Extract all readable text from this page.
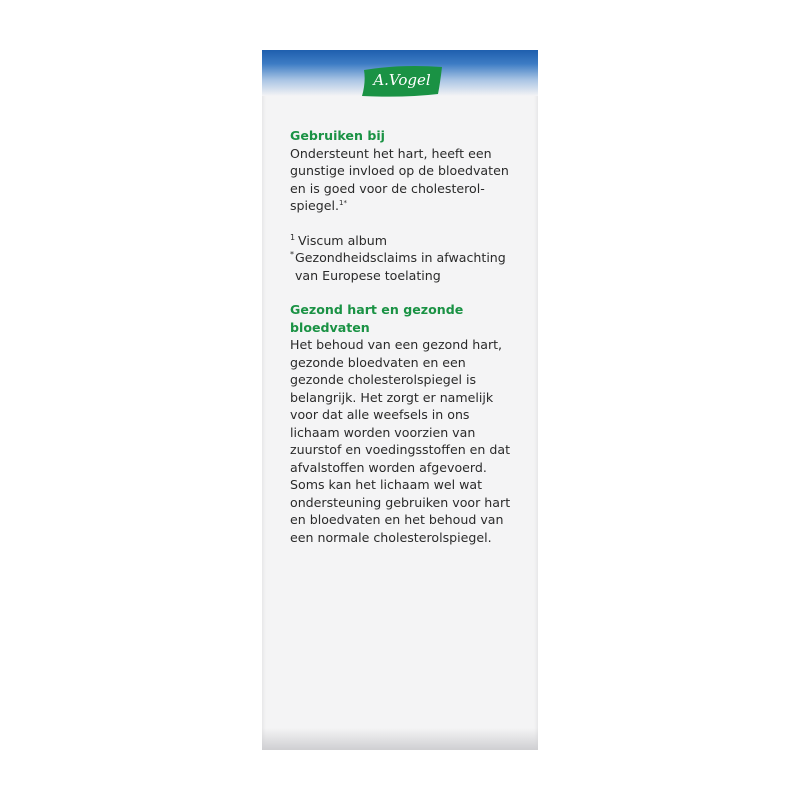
A.Vogel
Gebruiken bij

Ondersteunt het hart, heeft een gunstige invloed op de bloedvaten en is goed voor de cholesterol-spiegel.$^{1*}$

1 Viscum album
* Gezondheidsclaims in afwachting van Europese toelating
Gezond hart en gezonde bloedvaten

Het behoud van een gezond hart, gezonde bloedvaten en een gezonde cholesterolspiegel is belangrijk. Het zorgt er namelijk voor dat alle weefsels in ons lichaam worden voorzien van zuurstof en voedingsstoffen en dat afvalstoffen worden afgevoerd. Soms kan het lichaam wel wat ondersteuning gebruiken voor hart en bloedvaten en het behoud van een normale cholesterolspiegel.
